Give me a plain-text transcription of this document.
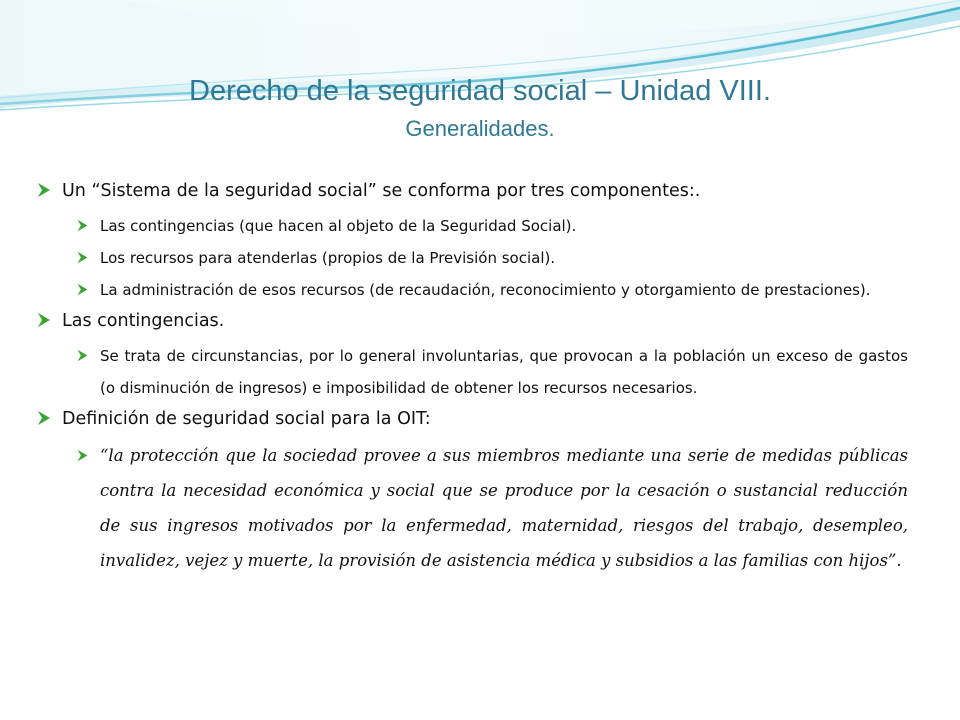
Derecho de la seguridad social – Unidad VIII.
Generalidades.
Un “Sistema de la seguridad social” se conforma por tres componentes:.
Las contingencias (que hacen al objeto de la Seguridad Social).
Los recursos para atenderlas (propios de la Previsión social).
La administración de esos recursos (de recaudación, reconocimiento y otorgamiento de prestaciones).
Las contingencias.
Se trata de circunstancias, por lo general involuntarias, que provocan a la población un exceso de gastos (o disminución de ingresos) e imposibilidad de obtener los recursos necesarios.
Definición de seguridad social para la OIT:
“la protección que la sociedad provee a sus miembros mediante una serie de medidas públicas contra la necesidad económica y social que se produce por la cesación o sustancial reducción de sus ingresos motivados por la enfermedad, maternidad, riesgos del trabajo, desempleo, invalidez, vejez y muerte, la provisión de asistencia médica y subsidios a las familias con hijos”.
